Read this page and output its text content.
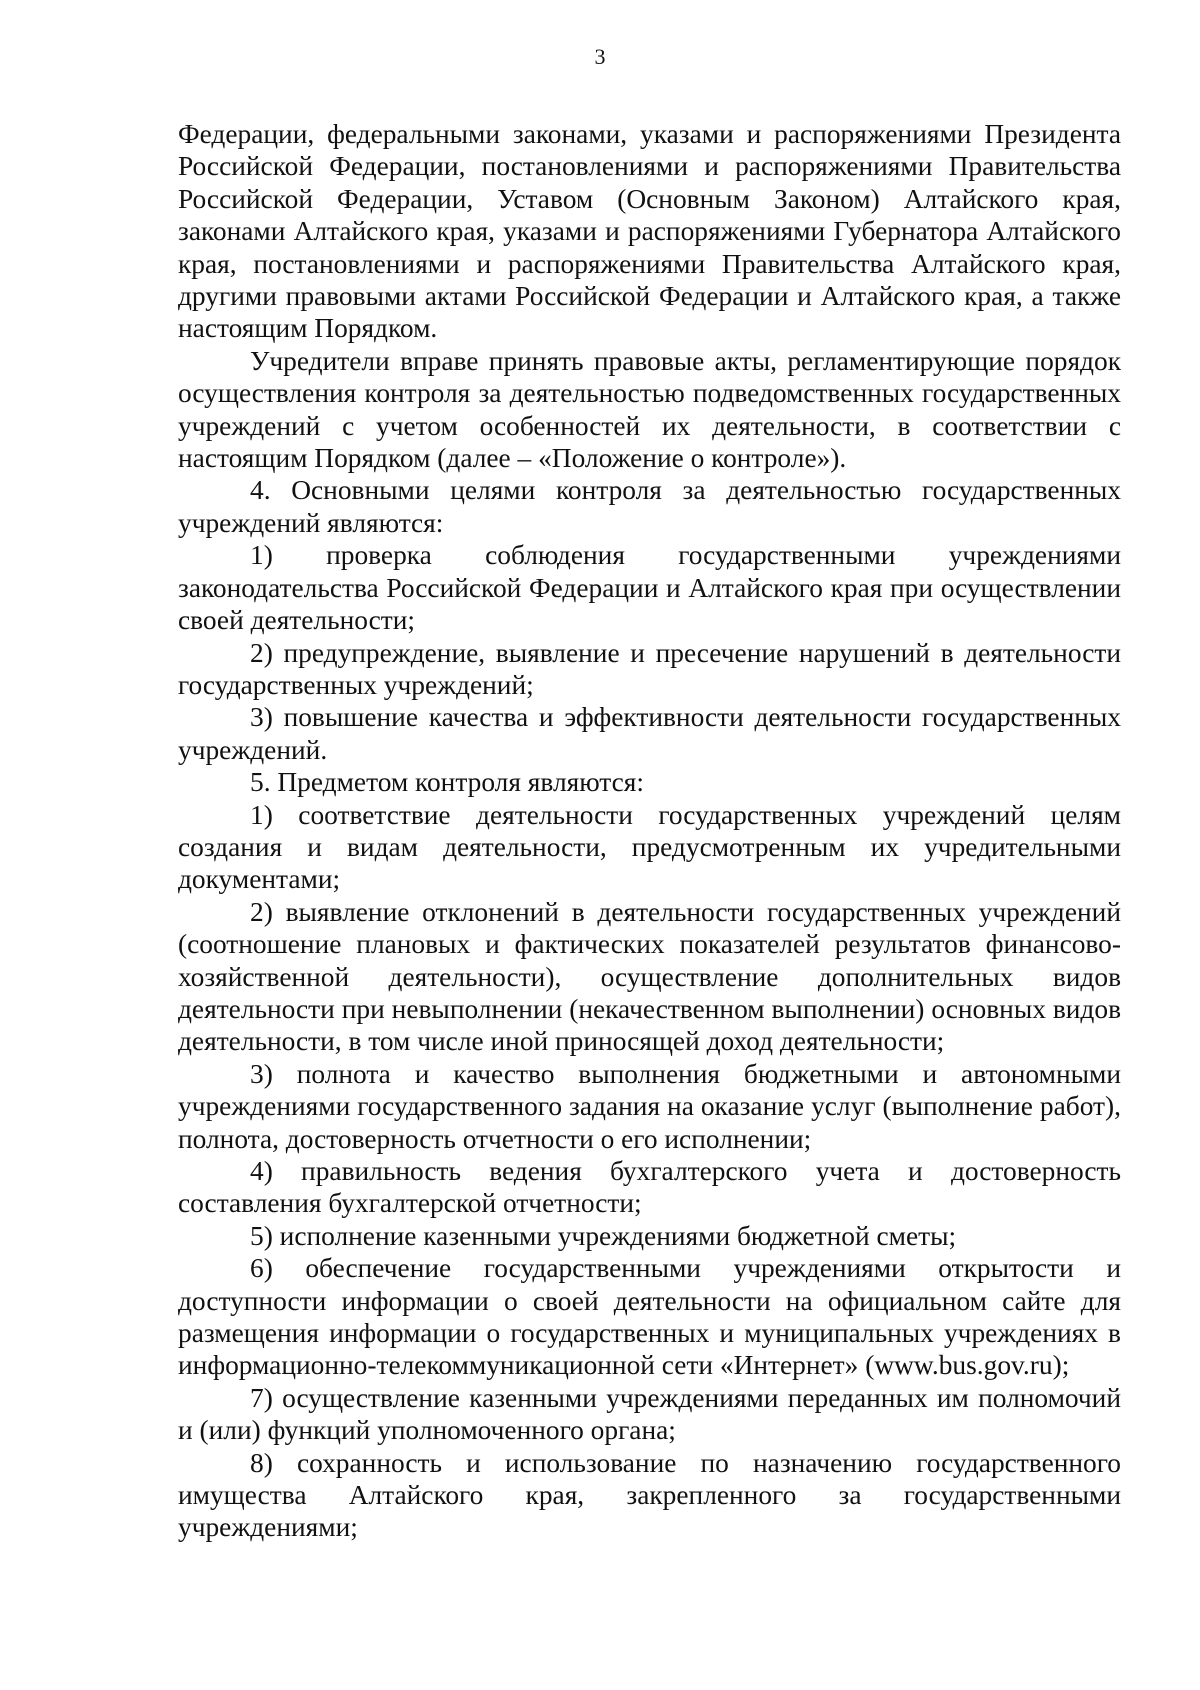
3

Федерации, федеральными законами, указами и распоряжениями Президента Российской Федерации, постановлениями и распоряжениями Правительства Российской Федерации, Уставом (Основным Законом) Алтайского края, законами Алтайского края, указами и распоряжениями Губернатора Алтайского края, постановлениями и распоряжениями Правительства Алтайского края, другими правовыми актами Российской Федерации и Алтайского края, а также настоящим Порядком.

Учредители вправе принять правовые акты, регламентирующие порядок осуществления контроля за деятельностью подведомственных государственных учреждений с учетом особенностей их деятельности, в соответствии с настоящим Порядком (далее – «Положение о контроле»).

4. Основными целями контроля за деятельностью государственных учреждений являются:

1) проверка соблюдения государственными учреждениями законодательства Российской Федерации и Алтайского края при осуществлении своей деятельности;

2) предупреждение, выявление и пресечение нарушений в деятельности государственных учреждений;

3) повышение качества и эффективности деятельности государственных учреждений.

5. Предметом контроля являются:

1) соответствие деятельности государственных учреждений целям создания и видам деятельности, предусмотренным их учредительными документами;

2) выявление отклонений в деятельности государственных учреждений (соотношение плановых и фактических показателей результатов финансово-хозяйственной деятельности), осуществление дополнительных видов деятельности при невыполнении (некачественном выполнении) основных видов деятельности, в том числе иной приносящей доход деятельности;

3) полнота и качество выполнения бюджетными и автономными учреждениями государственного задания на оказание услуг (выполнение работ), полнота, достоверность отчетности о его исполнении;

4) правильность ведения бухгалтерского учета и достоверность составления бухгалтерской отчетности;

5) исполнение казенными учреждениями бюджетной сметы;

6) обеспечение государственными учреждениями открытости и доступности информации о своей деятельности на официальном сайте для размещения информации о государственных и муниципальных учреждениях в информационно-телекоммуникационной сети «Интернет» (www.bus.gov.ru);

7) осуществление казенными учреждениями переданных им полномочий и (или) функций уполномоченного органа;

8) сохранность и использование по назначению государственного имущества Алтайского края, закрепленного за государственными учреждениями;
